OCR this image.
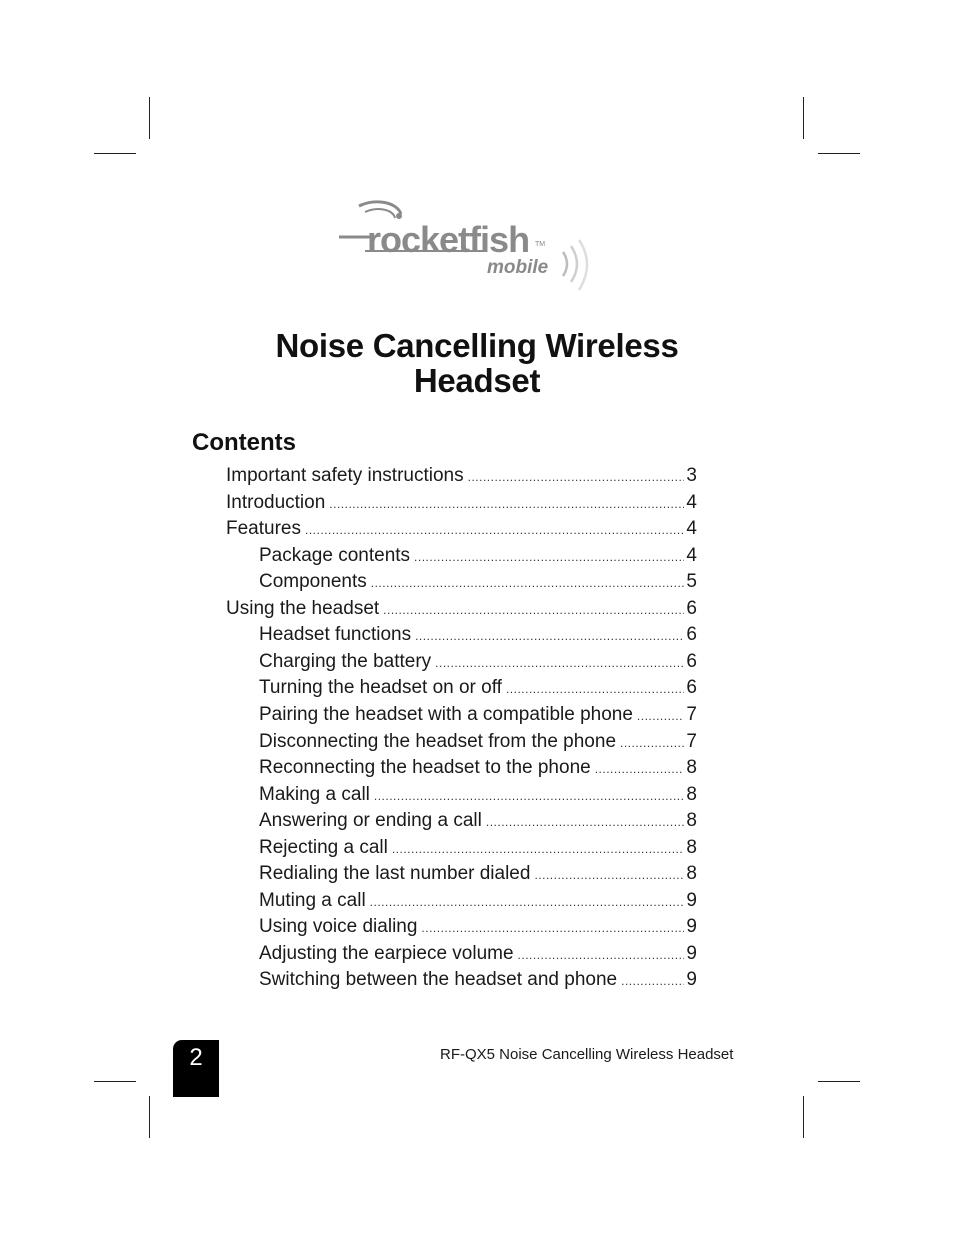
rocketfish TM
mobile
Noise Cancelling Wireless
Headset
Contents
Important safety instructions .....	3
Introduction .....	4
Features .....	4
Package contents .....	4
Components .....	5
Using the headset .....	6
Headset functions .....	6
Charging the battery .....	6
Turning the headset on or off .....	6
Pairing the headset with a compatible phone .....	7
Disconnecting the headset from the phone .....	7
Reconnecting the headset to the phone .....	8
Making a call .....	8
Answering or ending a call .....	8
Rejecting a call .....	8
Redialing the last number dialed .....	8
Muting a call .....	9
Using voice dialing .....	9
Adjusting the earpiece volume .....	9
Switching between the headset and phone .....	9
2	RF-QX5 Noise Cancelling Wireless Headset
